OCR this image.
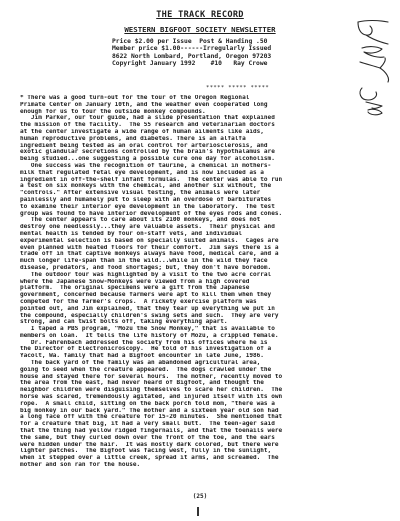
THE TRACK RECORD
WESTERN BIGFOOT SOCIETY NEWSLETTER
Price $2.00 per Issue  Post & Handing .50
Member price $1.00------Irregularly Issued
8622 North Lombard, Portland, Oregon 97203
Copyright January 1992    #10   Ray Crowe
***** ***** *****
* There was a good turn-out for the tour of the Oregon Regional
Primate Center on January 10th, and the weather even cooperated long
enough for us to tour the outside monkey compounds.
Jim Parker, our tour guide, had a slide presentation that explained
the mission of the facility.  The 55 research and veterinarian doctors
at the center investigate a wide range of human ailments like aids,
human reproductive problems, and diabetes. There is an alfalfa
ingredient being tested as an oral control for arteriosclerosis, and
exotic glandular secretions controlled by the brain's hypothalamus are
being studied...one suggesting a possible cure one day for alcoholism.
One success was the recognition of taurine, a chemical in mothers-
milk that regulated fetal eye development, and is now included as a
ingredient in off-the-shelf infant formulas.  The center was able to run
a test on six monkeys with the chemical, and another six without, the
"controls." After extensive visual testing, the animals were later
painlessly and humanely put to sleep with an overdose of barbiturates
to examine their interior eye development in the laboratory.  The test
group was found to have interior development of the eyes rods and cones.
The center appears to care about its 2100 monkeys, and does not
destroy one needlessly...they are valuable assets.  Their physical and
mental health is tended by four on-staff vets, and individual
experimental selection is based on specially suited animals.  Cages are
even planned with heated floors for their comfort.  Jim says there is a
trade off in that captive monkeys always have food, medical care, and a
much longer life-span than in the wild...while in the wild they face
disease, predators, and food shortages; but, they don't have boredom.
The outdoor tour was highlighted by a visit to the two acre corral
where the Japanese Snow-Monkeys were viewed from a high covered
platform.  The original specimens were a gift from the Japanese
government, concerned because farmers were apt to kill them when they
competed for the farmer's crops.  A rickety exercise platform was
pointed out, and Jim explained, that they tear up everything we put in
the compound, especially children's swing sets and such.  They are very
strong, and can twist bolts off, taking everything apart.
I taped a PBS program, "Mozu the Snow Monkey," that is available to
members on loan.  It tells the life history of Mozu, a crippled female.
Dr. Fahrenbach addressed the society from his offices where he is
the Director of Electronicroscopy.  He told of his investigation of a
Yacolt, Wa. family that had a Bigfoot encounter in late June, 1986.
The back yard of the family was an abandoned agricultural area,
going to seed when the creature appeared.  The dogs crawled under the
house and stayed there for several hours.  The mother, recently moved to
the area from the east, had never heard of Bigfoot, and thought the
neighbor children were disguising themselves to scare her children.  The
horse was scared, tremendously agitated, and injured itself with its own
rope.  A small child, sitting on the back porch told mom, "there was a
big monkey in our back yard." The mother and a sixteen year old son had
a long face off with the creature for 15-20 minutes.  She mentioned that
for a creature that big, it had a very small butt.  The teen-ager said
that the thing had yellow ridged fingernails, and that the toenails were
the same, but they curled down over the front of the toe, and the ears
were hidden under the hair.  It was mostly dark colored, but there were
lighter patches.  The Bigfoot was facing west, fully in the sunlight,
when it stepped over a little creek, spread it arms, and screamed.  The
mother and son ran for the house.
(25)
